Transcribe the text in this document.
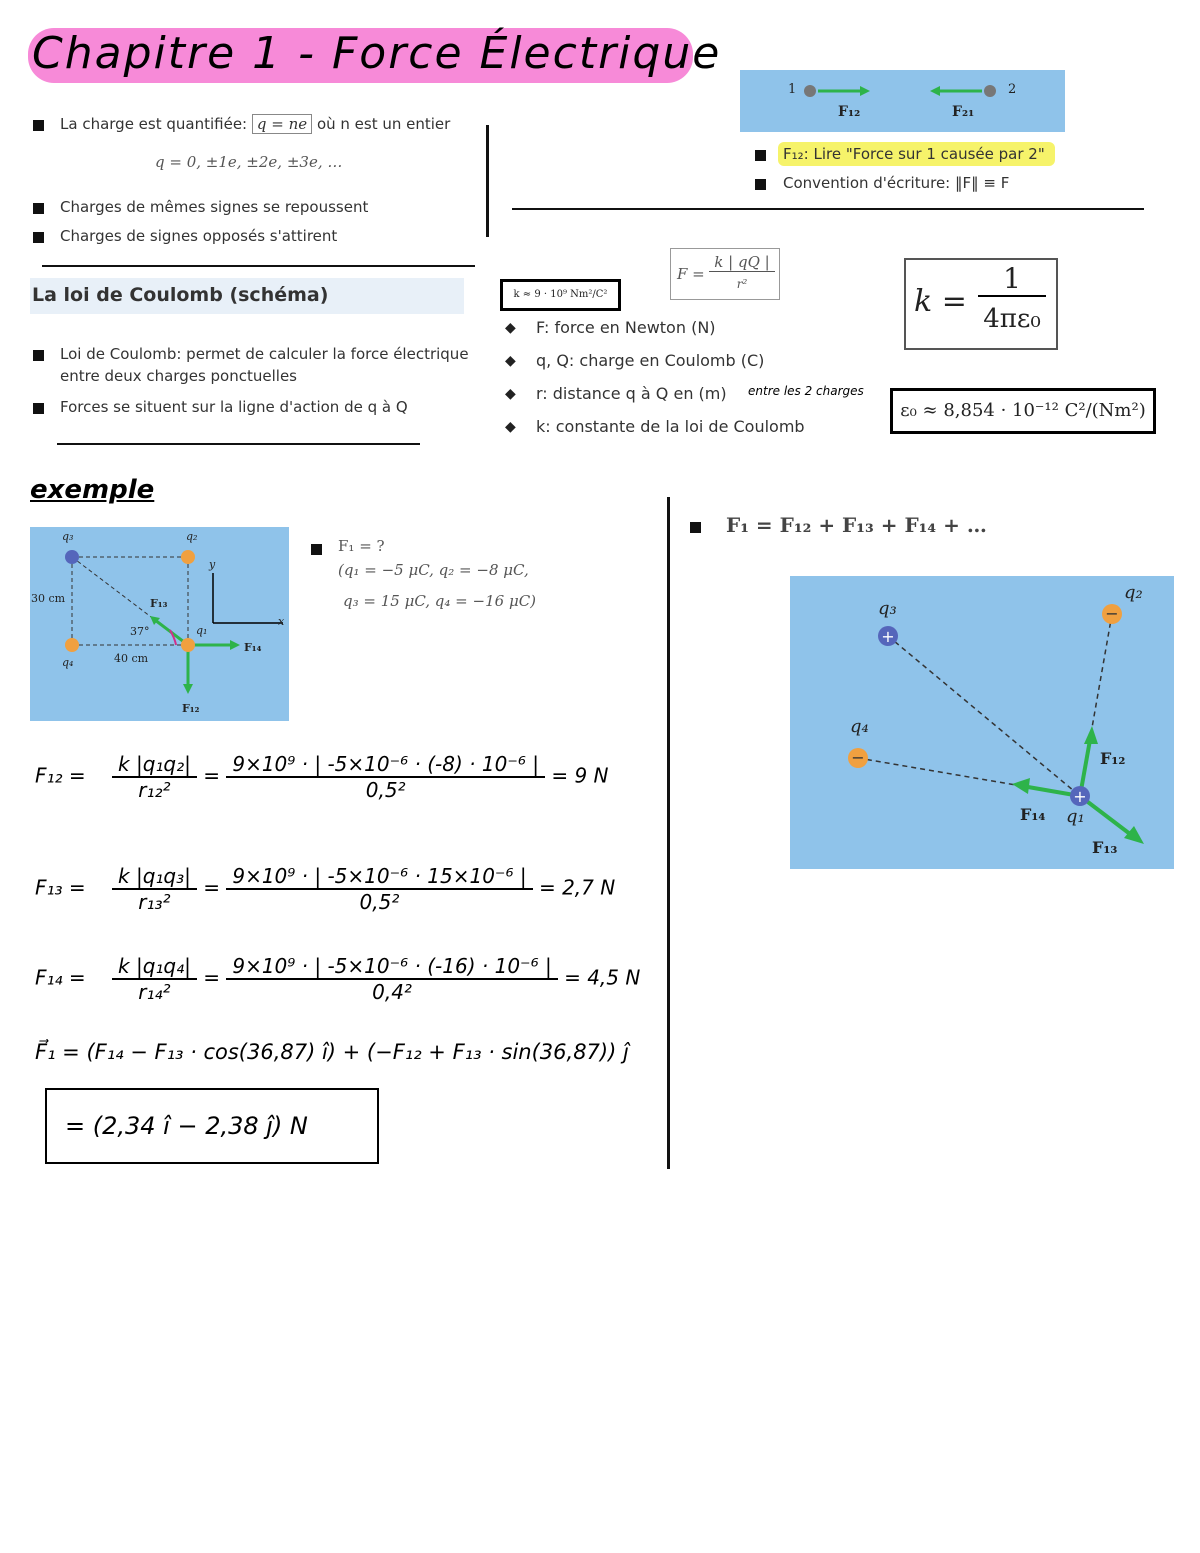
Chapitre 1 - Force Électrique
La charge est quantifiée: q = ne où n est un entier
q = 0, ±1e, ±2e, ±3e, …
Charges de mêmes signes se repoussent
Charges de signes opposés s'attirent
1	2
F₁₂	F₂₁
F₁₂: Lire "Force sur 1 causée par 2"
Convention d'écriture: ‖F‖ ≡ F
La loi de Coulomb (schéma)
Loi de Coulomb: permet de calculer la force électrique
entre deux charges ponctuelles
Forces se situent sur la ligne d'action de q à Q
k ≈ 9 · 10⁹ Nm²/C²
F =
k | qQ |
r²	k =
1
4πε₀
ε₀ ≈ 8,854 · 10⁻¹² C²/(Nm²)
◆ F: force en Newton (N)
◆ q, Q: charge en Coulomb (C)
◆ r: distance q à Q en (m) entre les 2 charges
◆ k: constante de la loi de Coulomb
exemple
q₃	q₂
q₄
q₁
30 cm
40 cm
37°
x
y
F₁₃
F₁₄
F₁₂
F₁ = ?
(q₁ = −5 μC, q₂ = −8 μC,
q₃ = 15 μC, q₄ = −16 μC)
F₁ = F₁₂ + F₁₃ + F₁₄ + …
+
−
−
+
q₃
q₂
q₄
q₁
F₁₂
F₁₄
F₁₃
$F_{12} = \frac{\text{k |q₁q₂|}}{\text{r₁₂²}} = \frac{\text{9×10⁹ · | -5×10⁻⁶ · (-8) · 10⁻⁶ |}}{\text{0,5²}} = 9$ N
$F_{13} = \frac{\text{k |q₁q₃|}}{\text{r₁₃²}} = \frac{\text{9×10⁹ · | -5×10⁻⁶ · 15×10⁻⁶ |}}{\text{0,5²}} = 2,7$ N
$F_{14} = \frac{\text{k |q₁q₄|}}{\text{r₁₄²}} = \frac{\text{9×10⁹ · | -5×10⁻⁶ · (-16) · 10⁻⁶ |}}{\text{0,4²}} = 4,5$ N
F⃗₁ = (F₁₄ − F₁₃ · cos(36,87) î) + (−F₁₂ + F₁₃ · sin(36,87)) ĵ
= (2,34 î − 2,38 ĵ) N
